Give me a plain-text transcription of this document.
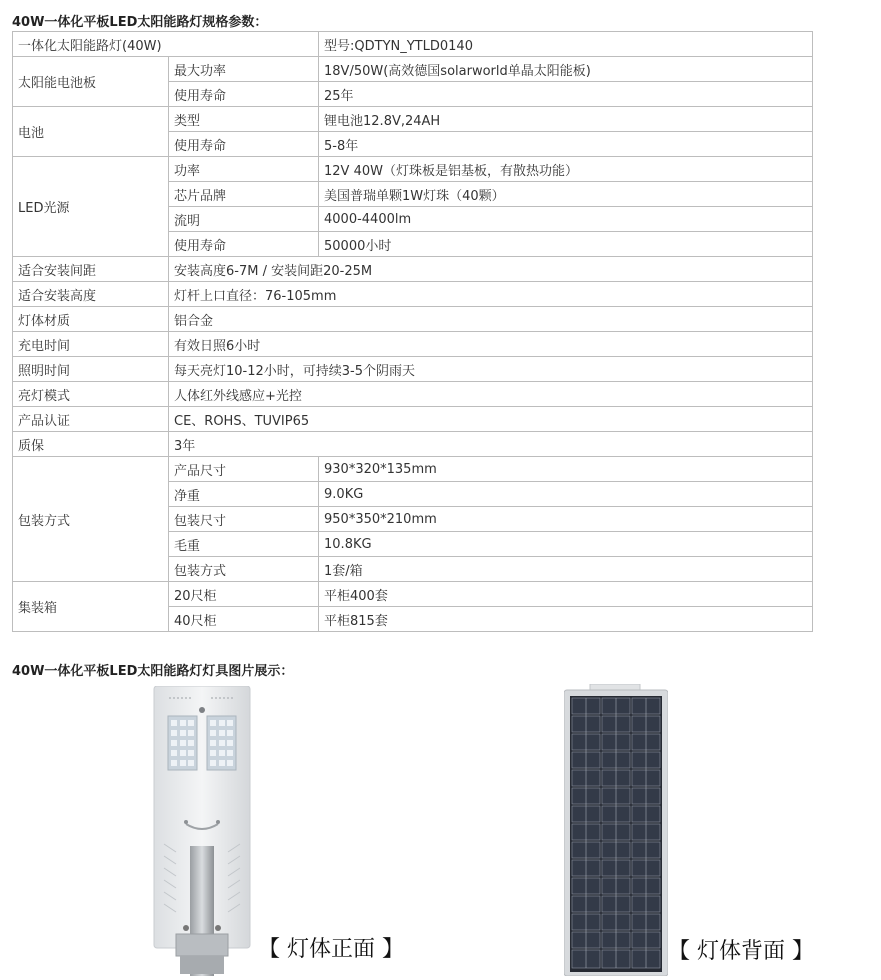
40W一体化平板LED太阳能路灯规格参数：
一体化太阳能路灯(40W)		型号:QDTYN_YTLD0140
太阳能电池板	最大功率	18V/50W(高效德国solarworld单晶太阳能板)
	使用寿命	25年
电池	类型	锂电池12.8V,24AH
	使用寿命	5-8年
LED光源	功率	12V 40W（灯珠板是铝基板，有散热功能）
	芯片品牌	美国普瑞单颗1W灯珠（40颗）
	流明	4000-4400lm
	使用寿命	50000小时
适合安装间距	安装高度6-7M / 安装间距20-25M	
适合安装高度	灯杆上口直径：76-105mm	
灯体材质	铝合金	
充电时间	有效日照6小时	
照明时间	每天亮灯10-12小时，可持续3-5个阴雨天	
亮灯模式	人体红外线感应+光控	
产品认证	CE、ROHS、TUVIP65	
质保	3年	
包装方式	产品尺寸	930*320*135mm
	净重	9.0KG
	包装尺寸	950*350*210mm
	毛重	10.8KG
	包装方式	1套/箱
集装箱	20尺柜	平柜400套
	40尺柜	平柜815套
40W一体化平板LED太阳能路灯灯具图片展示：
【 灯体正面 】	【 灯体背面 】
